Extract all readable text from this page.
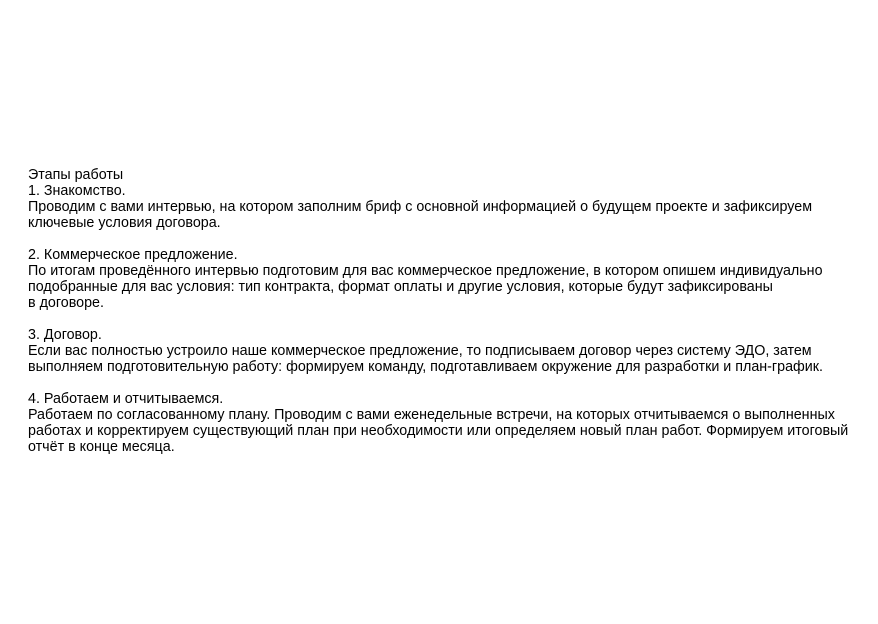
Этапы работы
1. Знакомство.
Проводим с вами интервью, на котором заполним бриф с основной информацией о будущем проекте и зафиксируем
ключевые условия договора.
2. Коммерческое предложение.
По итогам проведённого интервью подготовим для вас коммерческое предложение, в котором опишем индивидуально
подобранные для вас условия: тип контракта, формат оплаты и другие условия, которые будут зафиксированы
в договоре.
3. Договор.
Если вас полностью устроило наше коммерческое предложение, то подписываем договор через систему ЭДО, затем
выполняем подготовительную работу: формируем команду, подготавливаем окружение для разработки и план-график.
4. Работаем и отчитываемся.
Работаем по согласованному плану. Проводим с вами еженедельные встречи, на которых отчитываемся о выполненных
работах и корректируем существующий план при необходимости или определяем новый план работ. Формируем итоговый
отчёт в конце месяца.
